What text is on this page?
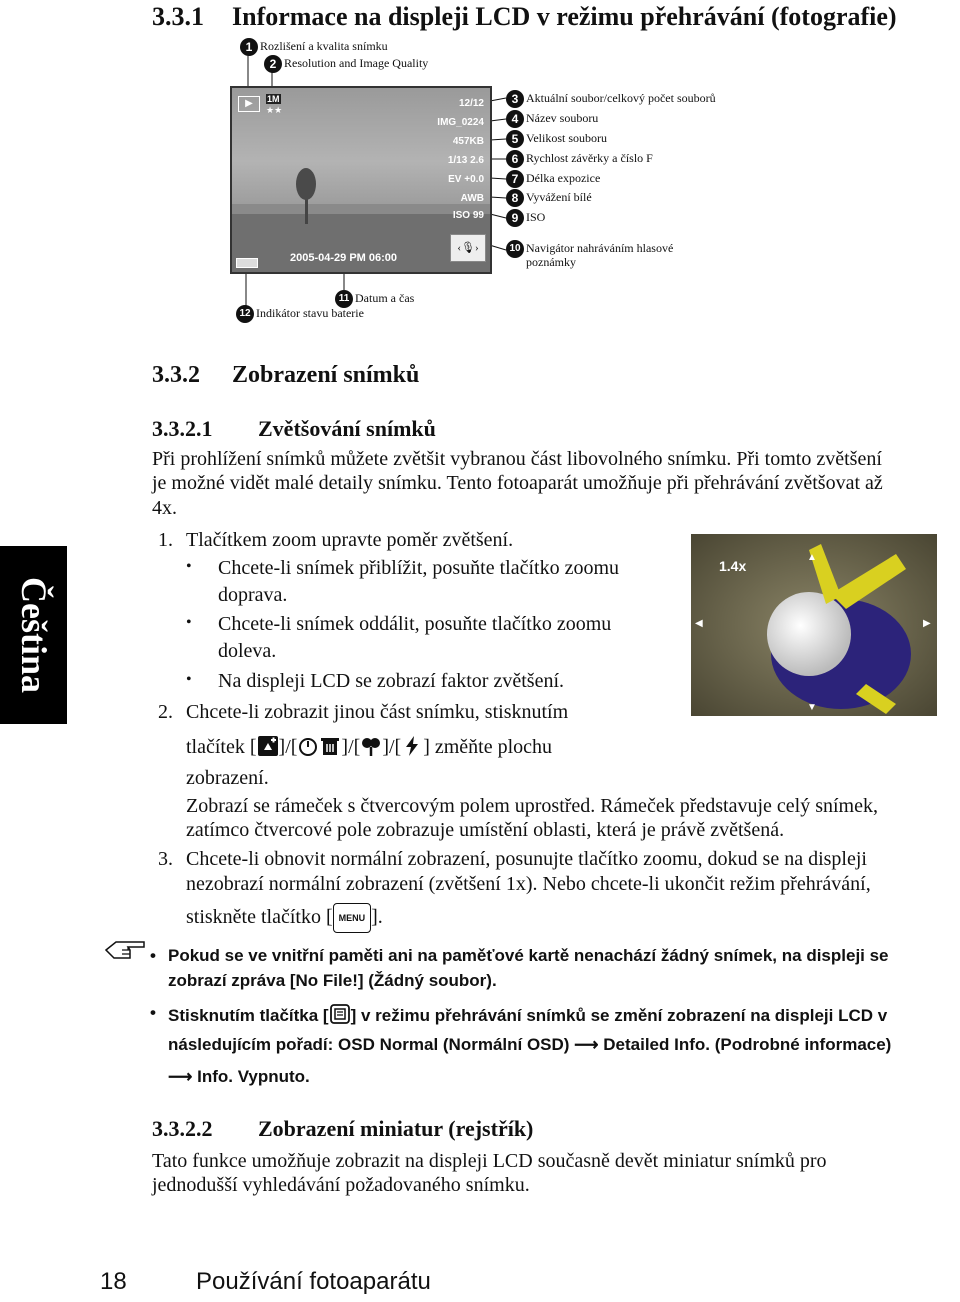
3.3.1 Informace na displeji LCD v režimu přehrávání (fotografie)
1 Rozlišení a kvalita snímku
2 Resolution and Image Quality
▶	1M
★★
12/12
IMG_0224
457KB
1/13 2.6
EV +0.0
AWB
ISO 99
‹🎙›
2005-04-29 PM 06:00
3 Aktuální soubor/celkový počet souborů
4 Název souboru
5 Velikost souboru
6 Rychlost závěrky a číslo F
7 Délka expozice
8 Vyvážení bílé
9 ISO
10 Navigátor nahráváním hlasové
poznámky
11 Datum a čas
12 Indikátor stavu baterie
Čeština
3.3.2 Zobrazení snímků
3.3.2.1 Zvětšování snímků
Při prohlížení snímků můžete zvětšit vybranou část libovolného snímku. Při tomto zvětšení
je možné vidět malé detaily snímku. Tento fotoaparát umožňuje při přehrávání zvětšovat až
4x.
1. Tlačítkem zoom upravte poměr zvětšení.
• Chcete-li snímek přiblížit, posuňte tlačítko zoomu
doprava.
• Chcete-li snímek oddálit, posuňte tlačítko zoomu
doleva.
• Na displeji LCD se zobrazí faktor zvětšení.
1.4x
▲
▼
◀	▶
2. Chcete-li zobrazit jinou část snímku, stisknutím
tlačítek [ ]/[ ]/[ ]/[ ] změňte plochu
zobrazení.
Zobrazí se rámeček s čtvercovým polem uprostřed. Rámeček představuje celý snímek,
zatímco čtvercové pole zobrazuje umístění oblasti, která je právě zvětšená.
3. Chcete-li obnovit normální zobrazení, posunujte tlačítko zoomu, dokud se na displeji
nezobrazí normální zobrazení (zvětšení 1x). Nebo chcete-li ukončit režim přehrávání,
stiskněte tlačítko [ MENU ].
• Pokud se ve vnitřní paměti ani na paměťové kartě nenachází žádný snímek, na displeji se
zobrazí zpráva [No File!] (Žádný soubor).
• Stisknutím tlačítka [ ] v režimu přehrávání snímků se změní zobrazení na displeji LCD v
následujícím pořadí: OSD Normal (Normální OSD) ⟶ Detailed Info. (Podrobné informace)
⟶ Info. Vypnuto.
3.3.2.2 Zobrazení miniatur (rejstřík)
Tato funkce umožňuje zobrazit na displeji LCD současně devět miniatur snímků pro
jednodušší vyhledávání požadovaného snímku.
18	Používání fotoaparátu
